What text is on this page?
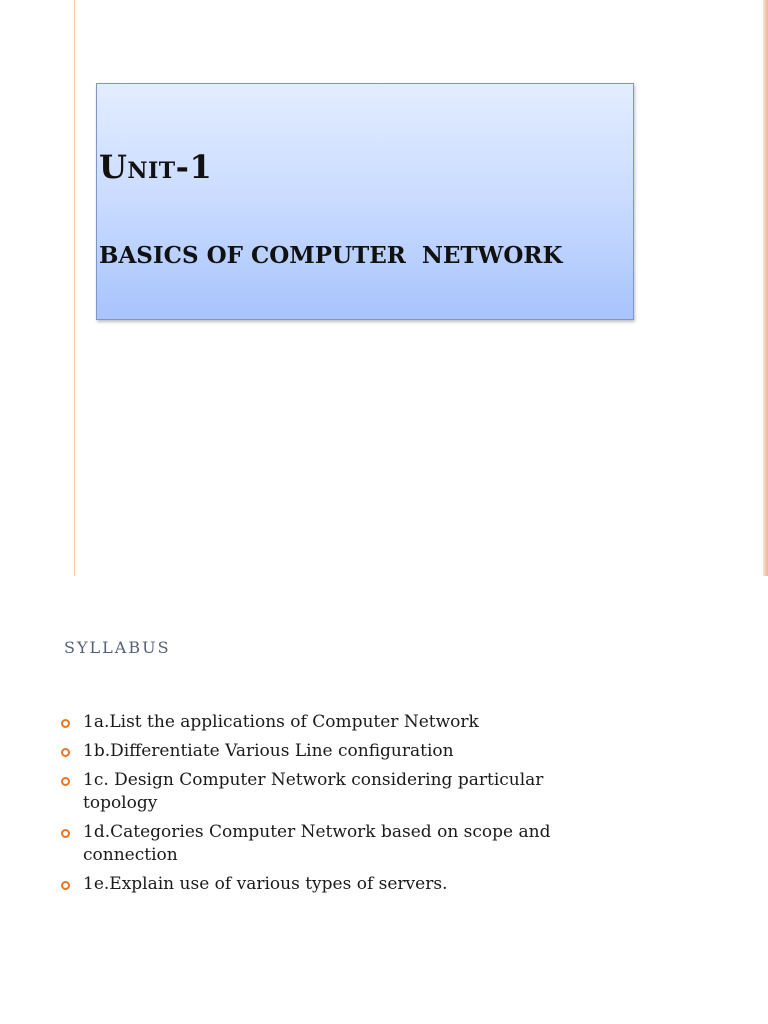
Unit-1
BASICS OF COMPUTER  NETWORK
SYLLABUS
1a.List the applications of Computer Network
1b.Differentiate Various Line configuration
1c. Design Computer Network considering particular topology
1d.Categories Computer Network based on scope and connection
1e.Explain use of various types of servers.
